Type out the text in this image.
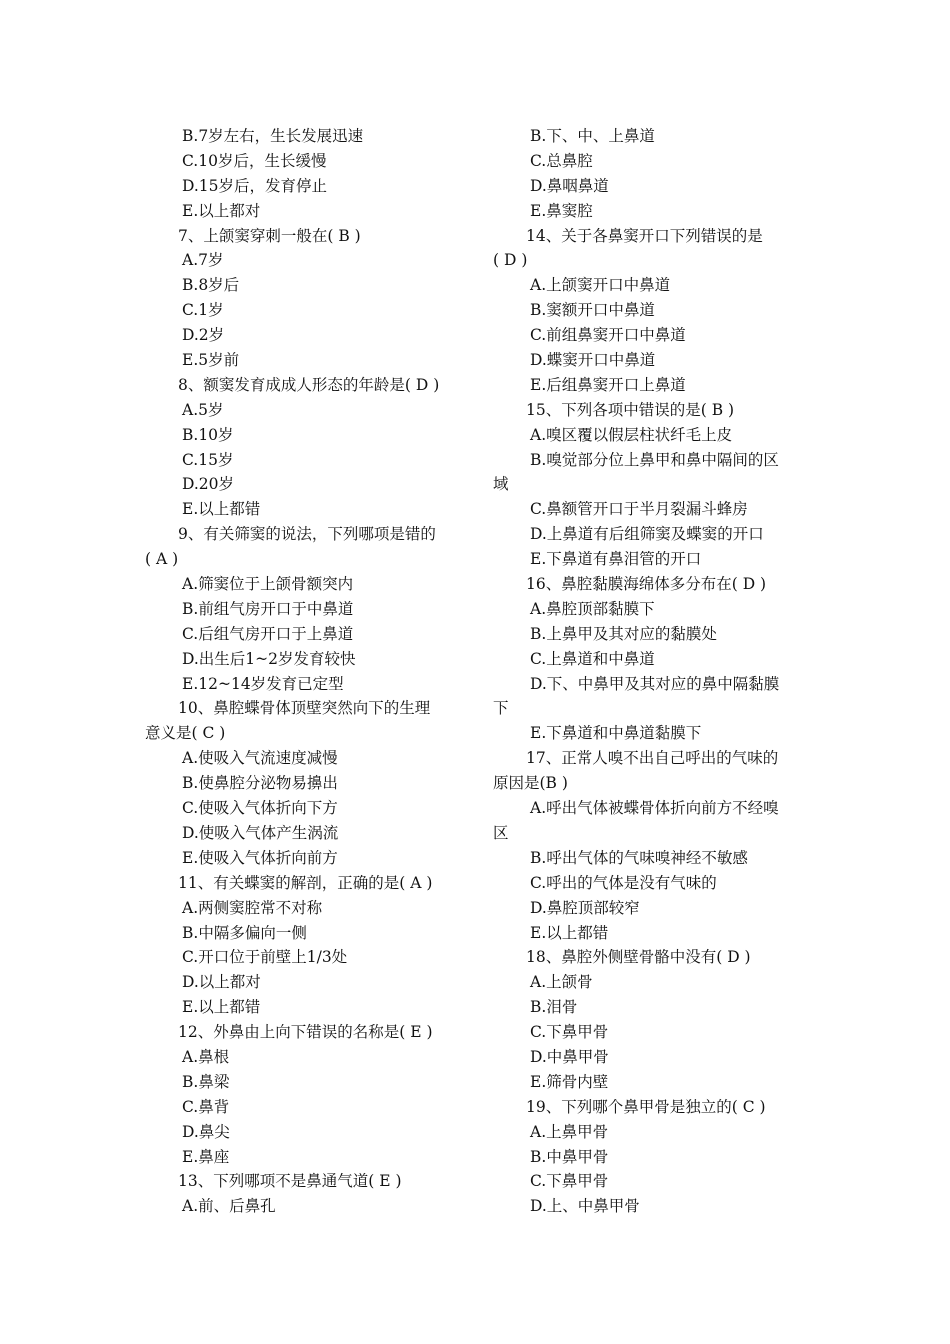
B.7岁左右，生长发展迅速
C.10岁后，生长缓慢
D.15岁后，发育停止
E.以上都对
7、上颌窦穿刺一般在( B )
A.7岁
B.8岁后
C.1岁
D.2岁
E.5岁前
8、额窦发育成成人形态的年龄是( D )
A.5岁
B.10岁
C.15岁
D.20岁
E.以上都错
9、有关筛窦的说法，下列哪项是错的
( A )
A.筛窦位于上颌骨额突内
B.前组气房开口于中鼻道
C.后组气房开口于上鼻道
D.出生后1~2岁发育较快
E.12~14岁发育已定型
10、鼻腔蝶骨体顶壁突然向下的生理
意义是( C )
A.使吸入气流速度减慢
B.使鼻腔分泌物易擤出
C.使吸入气体折向下方
D.使吸入气体产生涡流
E.使吸入气体折向前方
11、有关蝶窦的解剖，正确的是( A )
A.两侧窦腔常不对称
B.中隔多偏向一侧
C.开口位于前壁上1/3处
D.以上都对
E.以上都错
12、外鼻由上向下错误的名称是( E )
A.鼻根
B.鼻梁
C.鼻背
D.鼻尖
E.鼻座
13、下列哪项不是鼻通气道( E )
A.前、后鼻孔
B.下、中、上鼻道
C.总鼻腔
D.鼻咽鼻道
E.鼻窦腔
14、关于各鼻窦开口下列错误的是
( D )
A.上颌窦开口中鼻道
B.窦额开口中鼻道
C.前组鼻窦开口中鼻道
D.蝶窦开口中鼻道
E.后组鼻窦开口上鼻道
15、下列各项中错误的是( B )
A.嗅区覆以假层柱状纤毛上皮
B.嗅觉部分位上鼻甲和鼻中隔间的区
域
C.鼻额管开口于半月裂漏斗蜂房
D.上鼻道有后组筛窦及蝶窦的开口
E.下鼻道有鼻泪管的开口
16、鼻腔黏膜海绵体多分布在( D )
A.鼻腔顶部黏膜下
B.上鼻甲及其对应的黏膜处
C.上鼻道和中鼻道
D.下、中鼻甲及其对应的鼻中隔黏膜
下
E.下鼻道和中鼻道黏膜下
17、正常人嗅不出自己呼出的气味的
原因是(B )
A.呼出气体被蝶骨体折向前方不经嗅
区
B.呼出气体的气味嗅神经不敏感
C.呼出的气体是没有气味的
D.鼻腔顶部较窄
E.以上都错
18、鼻腔外侧壁骨骼中没有( D )
A.上颌骨
B.泪骨
C.下鼻甲骨
D.中鼻甲骨
E.筛骨内壁
19、下列哪个鼻甲骨是独立的( C )
A.上鼻甲骨
B.中鼻甲骨
C.下鼻甲骨
D.上、中鼻甲骨
